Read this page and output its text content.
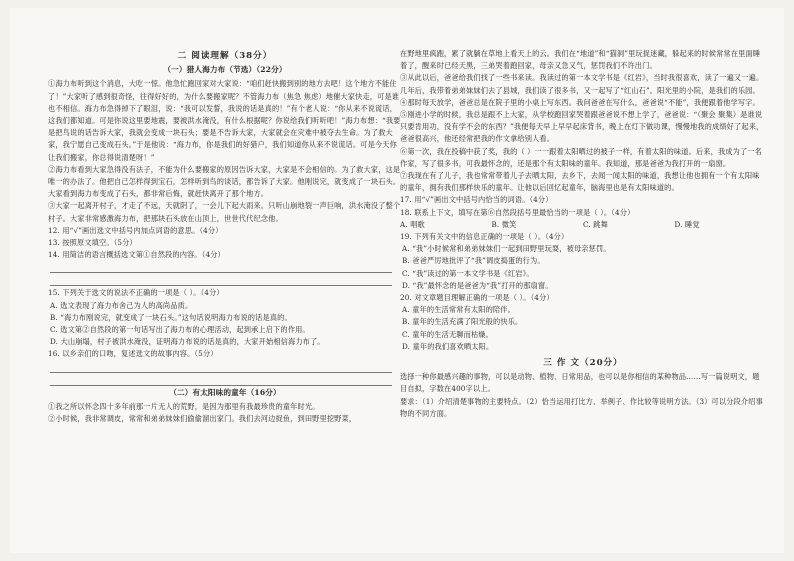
二 阅读理解（38分）
（一）猎人海力布（节选）（22分）

①海力布听到这个消息，大吃一惊。他急忙跑回家对大家说：“咱们赶快搬到别的地方去吧！这个地方不能住了！”大家听了感到很奇怪，往得好好的，为什么要搬家呢？不管海力布（焦急 焦虑）地催大家快走，可是谁也不相信。海力布急得掉下了眼泪，说：“我可以发誓，我说的话是真的！”有个老人说：“你从来不说谎话，这我们都知道。可是你说这里要地震，要被洪水淹没，有什么根据呢？你说给我们听听吧！”海力布想：“我要是把鸟说的话告诉大家，我就会变成一块石头；要是不告诉大家，大家就会在灾难中被夺去生命。为了救大家，我宁愿自己变成石头。”于是他说：“海力布，你是我们的好猎户，我们知道你从来不说谎话。可是今天你让我们搬家，你总得说清楚呀！”

②海力布看到大家急得没有法子，不能为什么要搬家的原因告诉大家，大家是不会相信的。为了救大家，这是唯一的办法了。他把自己怎样得到宝石，怎样听到鸟的谈话，都告诉了大家。他刚说完，就变成了一块石头。大家看到海力布变成了石头，都非常后悔，就赶快离开了那个地方。

③大家一起离开村子，才走了不远，天就阴了，一会儿下起大雨来。只听山崩地裂一声巨响，洪水淹没了整个村子。大家非常感激海力布，把那块石头放在山顶上，世世代代纪念他。

12. 用“√”画出选文中括号内加点词语的意思。（4分）

13. 按照原文填空。（5分）

14. 用简洁的语言概括选文第①自然段的内容。（4分）

15. 下列关于选文的说法不正确的一项是（ ）。（4分）

A. 选文表现了海力布舍己为人的高尚品质。

B. “海力布刚说完，就变成了一块石头。”这句话说明海力布说的话是真的。

C. 选文第②自然段的第一句话写出了海力布的心理活动，起到承上启下的作用。

D. 大山崩塌，村子被洪水淹没，证明海力布说的话是真的，大家开始相信海力布了。

16. 以乡亲们的口吻，复述选文的故事内容。（5分）

（二）有太阳味的童年（16分）

①我之所以怀念四十多年前那一片无人的荒野，是因为那里有我最珍贵的童年时光。

②小时候，我非常调皮，常常和弟弟妹妹们偷偷溜出家门。我们去河边捉鱼，到田野里挖野菜，

在野地里疯跑，累了就躺在草地上看天上的云。我们在“地道”和“猫洞”里玩捉迷藏，躲起来的时候常常在里面睡着了，醒来时已经天黑，三弟哭着跑回家，母亲又急又气，惩罚我们不许出门。

③从此以后，爸爸给我们找了一些书来读。我读过的第一本文学书是《红岩》，当时我很喜欢，读了一遍又一遍。几年后，我带着弟弟妹妹们去了县城，我们读了很多书，又一起写了“红山石”。阳光里的小院，是我们的乐园。

④那时每天放学，爸爸总是在院子里的小桌上写东西。我问爸爸在写什么，爸爸说“不能”，我便跟着他学写字。

⑤刚进小学的时候，我总是跟不上大家，从学校跑回家哭着跟爸爸说不想上学了，爸爸说：“（聚会 聚集）是谁说只要肯用功，没有学不会的东西？”我便每天早上早早起床背书，晚上在灯下做功课，慢慢地我的成绩好了起来，爸爸很高兴，他还经常把我的作文拿给别人看。

⑥第一次，我在投稿中获了奖，我的（ ）一一跟着太阳晒过的被子一样，有着太阳的味道。后来，我成为了一名作家，写了很多书，可我最怀念的，还是那个有太阳味的童年。我知道，那是爸爸为我打开的一扇窗。

⑦我现在有了儿子，我也常常带着儿子去晒太阳，去乡下，去闻一闻太阳的味道，我想让他也拥有一个有太阳味的童年，拥有我们那样快乐的童年。让他以后回忆起童年，脑海里也是有太阳味道的。

17. 用“√”画出文中括号内恰当的词语。（4分）

18. 联系上下文，填写在第⑥自然段括号里最恰当的一项是（ ）。（4分）

A. 唱歌	B. 微笑	C. 跳舞	D. 睡觉

19. 下列有关文中的信息正确的一项是（ ）。（4分）

A. “我”小时候常和弟弟妹妹们一起到田野里玩耍，被母亲惩罚。

B. 爸爸严厉地批评了“我”调皮捣蛋的行为。

C. “我”读过的第一本文学书是《红岩》。

D. “我”最怀念的是爸爸为“我”打开的那扇窗。

20. 对文章题目理解正确的一项是（ ）。（4分）

A. 童年的生活常常有太阳的陪伴。

B. 童年的生活充满了阳光般的快乐。

C. 童年的生活无聊而枯燥。

D. 童年的我们喜欢晒太阳。

三 作 文（20分）

选择一种你最感兴趣的事物，可以是动物、植物、日常用品，也可以是你相信的某种物品……写一篇说明文，题目自拟，字数在400字以上。

要求：（1）介绍清楚事物的主要特点。（2）恰当运用打比方、举例子、作比较等说明方法。（3）可以分段介绍事物的不同方面。
